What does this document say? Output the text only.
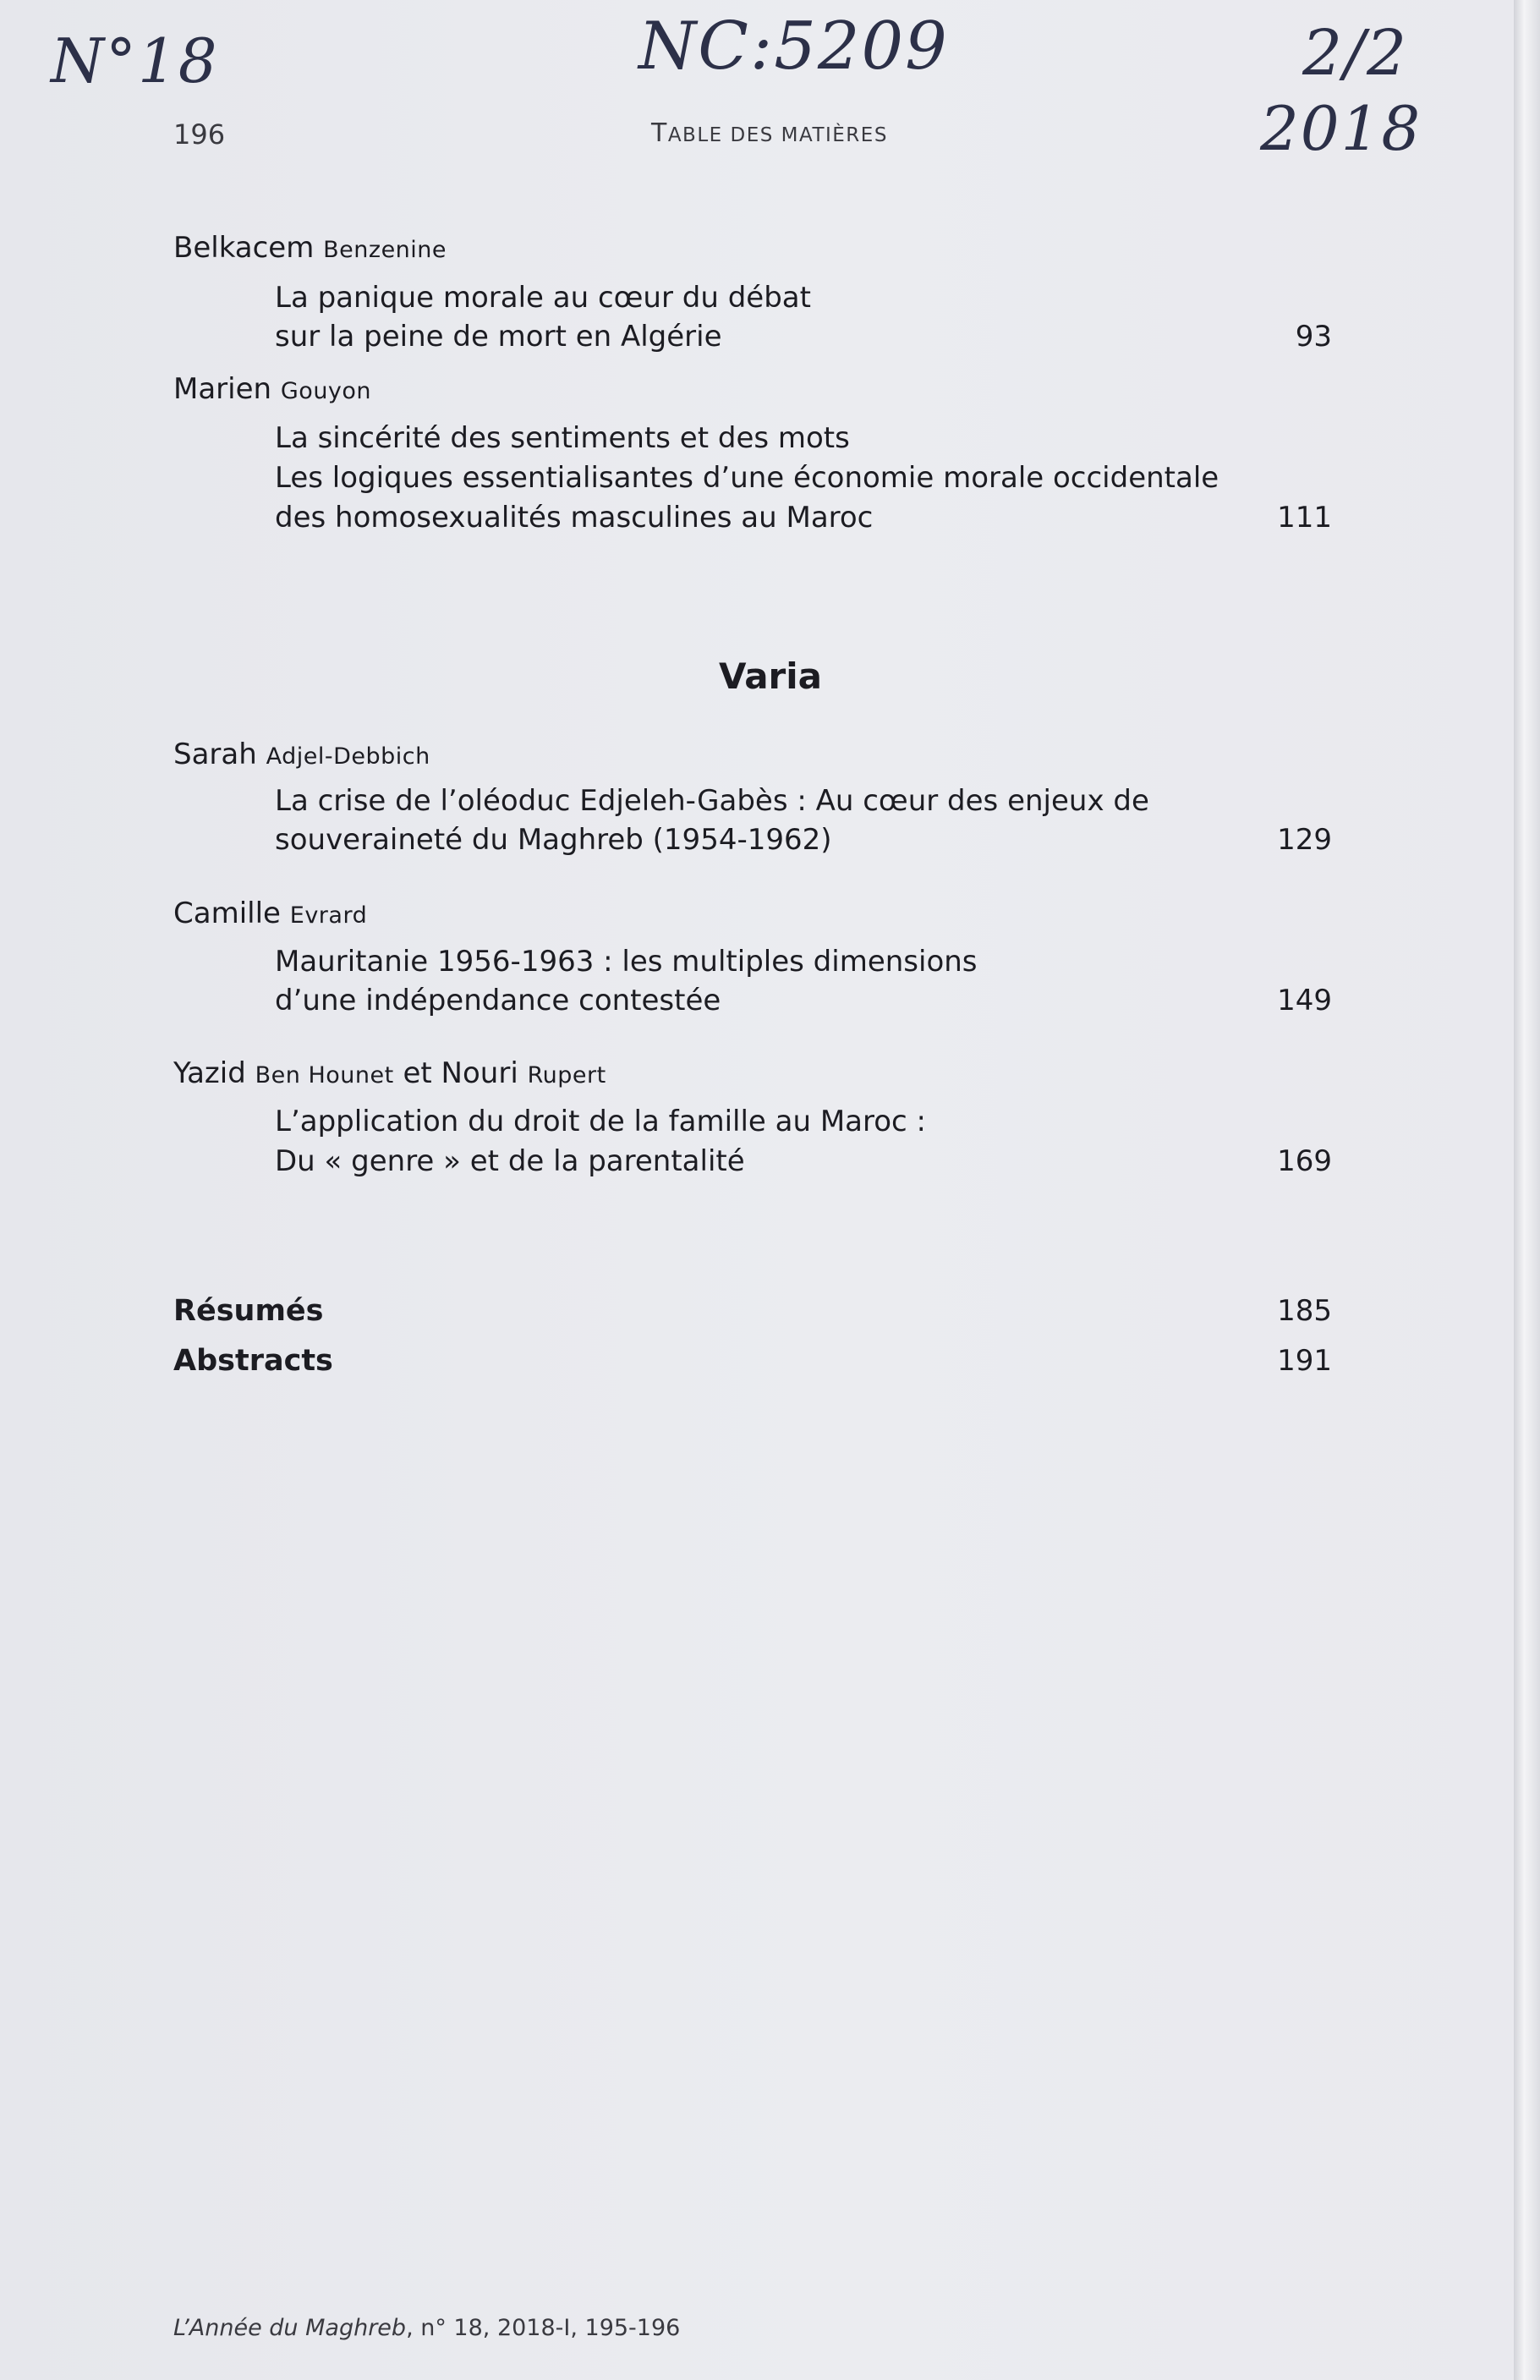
N°18	NC:5209	2/2
2018
196	TABLE DES MATIÈRES
Belkacem Benzenine
La panique morale au cœur du débat
sur la peine de mort en Algérie	93
Marien Gouyon
La sincérité des sentiments et des mots
Les logiques essentialisantes d’une économie morale occidentale
des homosexualités masculines au Maroc	111
Varia
Sarah Adjel-Debbich
La crise de l’oléoduc Edjeleh-Gabès : Au cœur des enjeux de
souveraineté du Maghreb (1954-1962)	129
Camille Evrard
Mauritanie 1956-1963 : les multiples dimensions
d’une indépendance contestée	149
Yazid Ben Hounet et Nouri Rupert
L’application du droit de la famille au Maroc :
Du « genre » et de la parentalité	169
Résumés	185
Abstracts	191
L’Année du Maghreb, n° 18, 2018-I, 195-196
